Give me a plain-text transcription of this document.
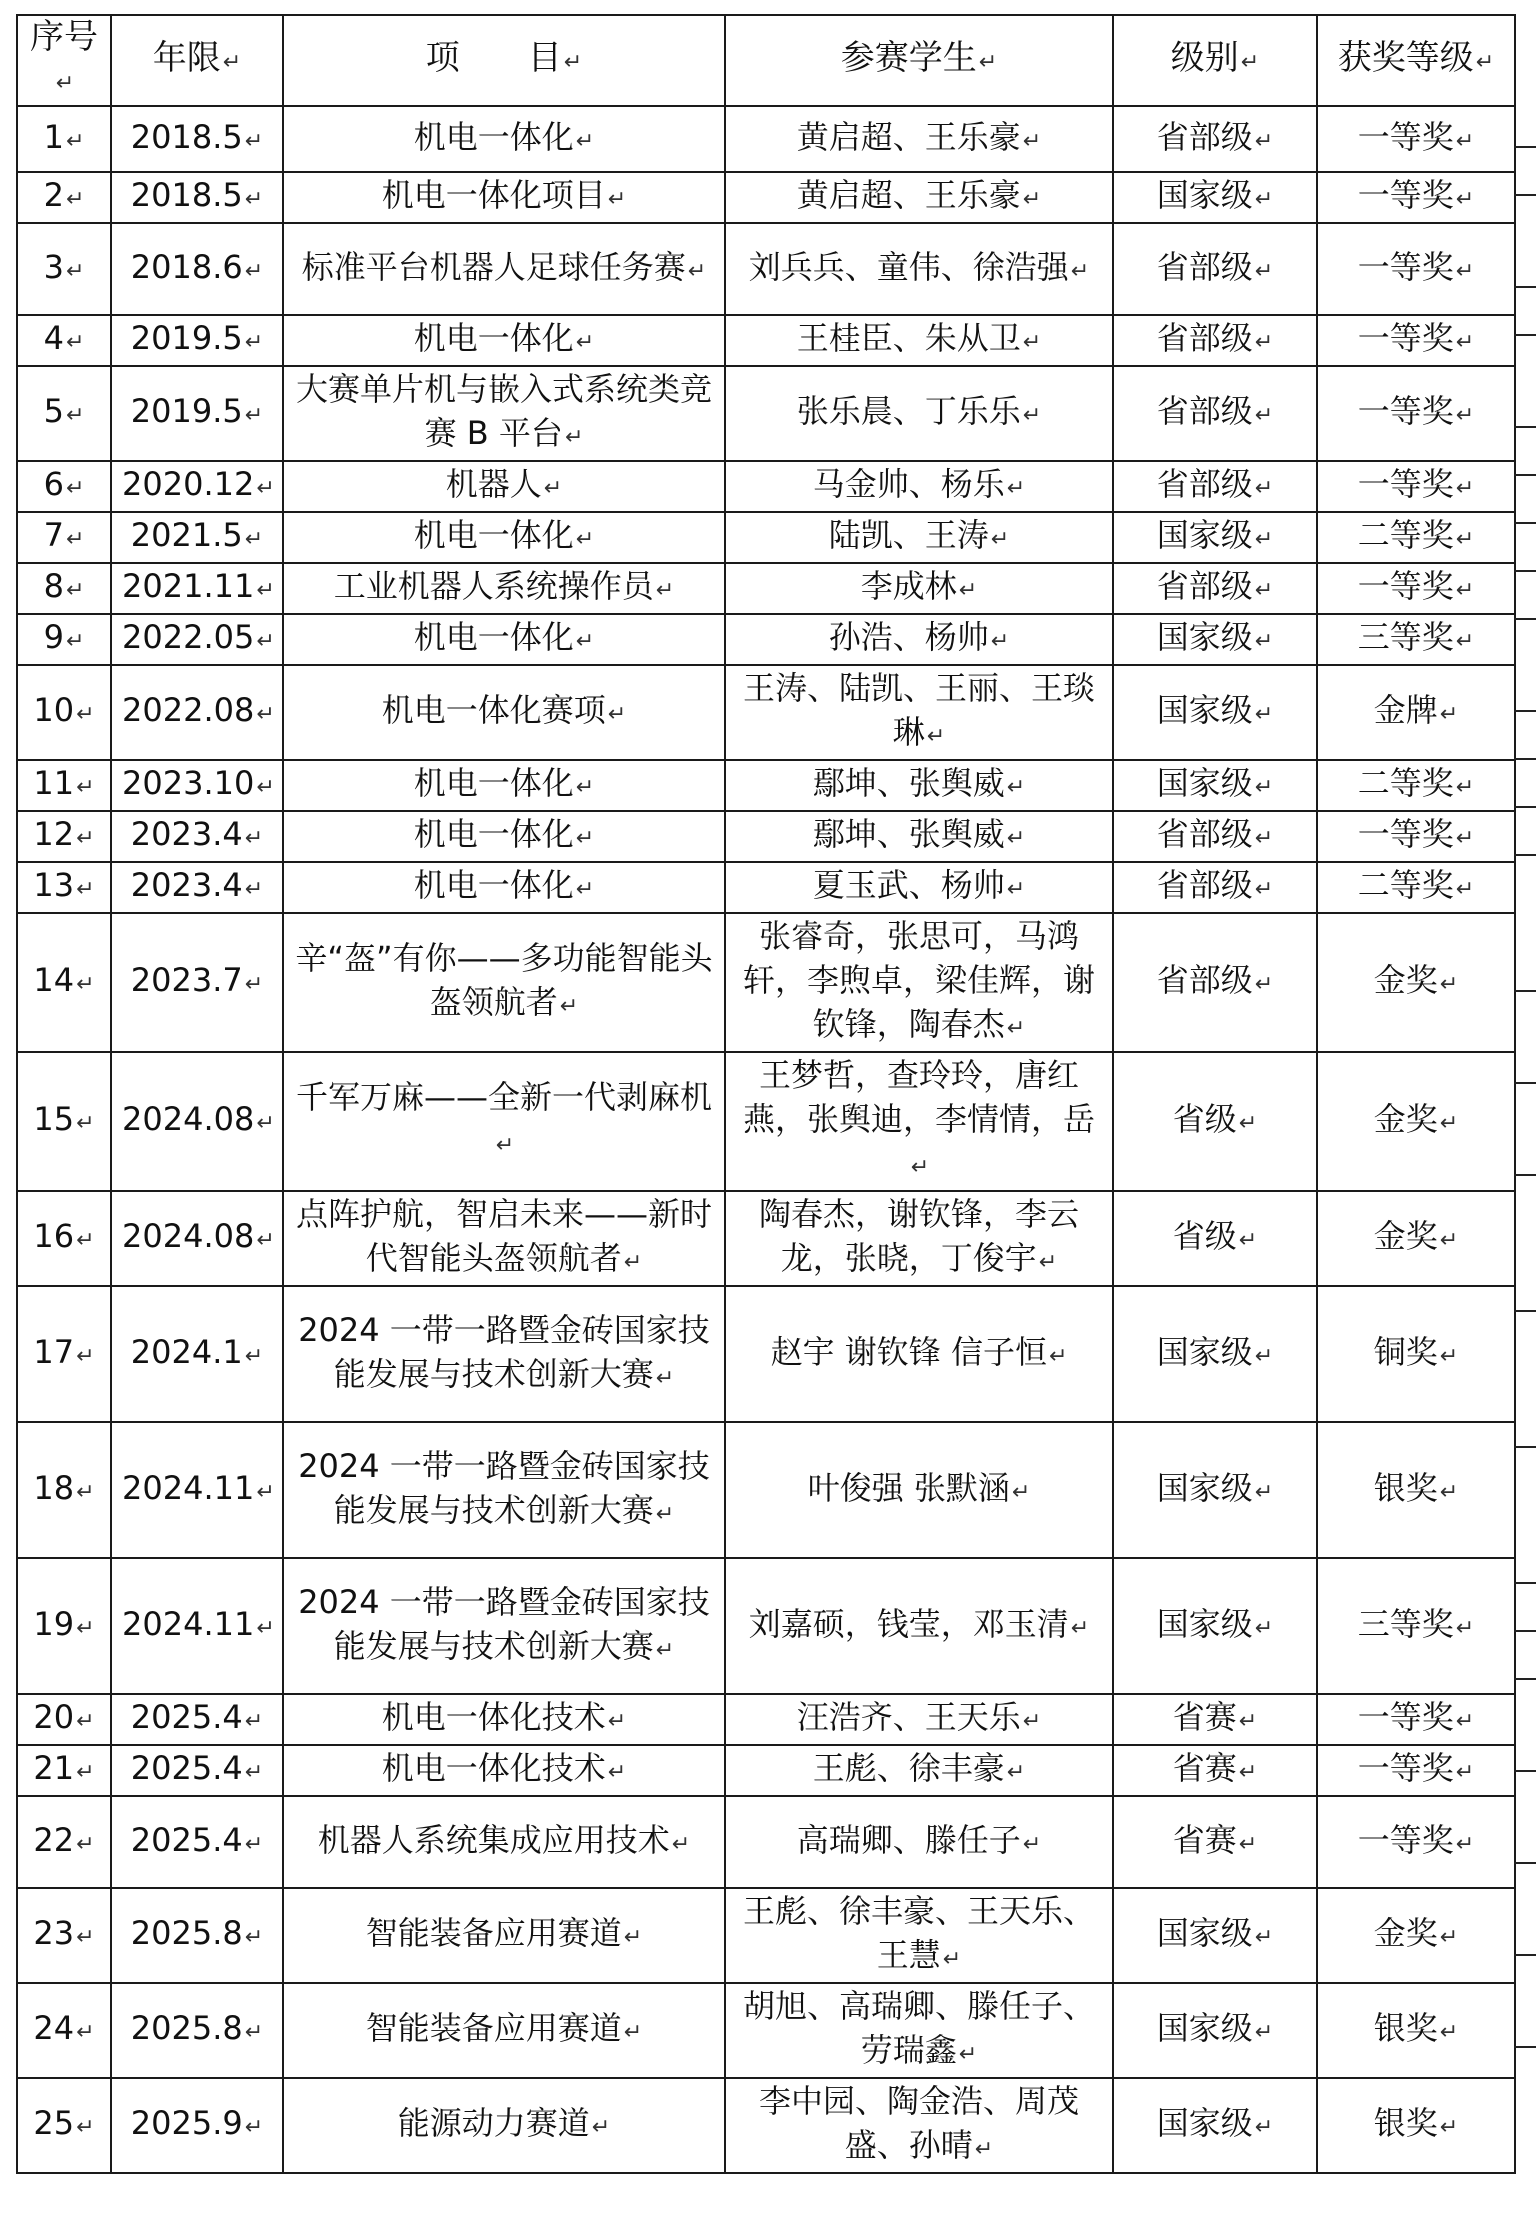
序号↵	年限↵	项　　目↵	参赛学生↵	级别↵	获奖等级↵
1↵	2018.5↵	机电一体化↵	黄启超、王乐豪↵	省部级↵	一等奖↵
2↵	2018.5↵	机电一体化项目↵	黄启超、王乐豪↵	国家级↵	一等奖↵
3↵	2018.6↵	标准平台机器人足球任务赛↵	刘兵兵、童伟、徐浩强↵	省部级↵	一等奖↵
4↵	2019.5↵	机电一体化↵	王桂臣、朱从卫↵	省部级↵	一等奖↵
5↵	2019.5↵	大赛单片机与嵌入式系统类竞赛 B 平台↵	张乐晨、丁乐乐↵	省部级↵	一等奖↵
6↵	2020.12↵	机器人↵	马金帅、杨乐↵	省部级↵	一等奖↵
7↵	2021.5↵	机电一体化↵	陆凯、王涛↵	国家级↵	二等奖↵
8↵	2021.11↵	工业机器人系统操作员↵	李成林↵	省部级↵	一等奖↵
9↵	2022.05↵	机电一体化↵	孙浩、杨帅↵	国家级↵	三等奖↵
10↵	2022.08↵	机电一体化赛项↵	王涛、陆凯、王丽、王琰琳↵	国家级↵	金牌↵
11↵	2023.10↵	机电一体化↵	鄢坤、张舆威↵	国家级↵	二等奖↵
12↵	2023.4↵	机电一体化↵	鄢坤、张舆威↵	省部级↵	一等奖↵
13↵	2023.4↵	机电一体化↵	夏玉武、杨帅↵	省部级↵	二等奖↵
14↵	2023.7↵	辛“盔”有你——多功能智能头盔领航者↵	张睿奇，张思可，马鸿轩，李煦卓，梁佳辉，谢钦锋，陶春杰↵	省部级↵	金奖↵
15↵	2024.08↵	千军万麻——全新一代剥麻机↵	王梦哲，查玲玲，唐红燕，张舆迪，李情情，岳↵	省级↵	金奖↵
16↵	2024.08↵	点阵护航，智启未来——新时代智能头盔领航者↵	陶春杰，谢钦锋，李云龙，张晓，丁俊宇↵	省级↵	金奖↵
17↵	2024.1↵	2024 一带一路暨金砖国家技能发展与技术创新大赛↵	赵宇 谢钦锋 信子恒↵	国家级↵	铜奖↵
18↵	2024.11↵	2024 一带一路暨金砖国家技能发展与技术创新大赛↵	叶俊强 张默涵↵	国家级↵	银奖↵
19↵	2024.11↵	2024 一带一路暨金砖国家技能发展与技术创新大赛↵	刘嘉硕，钱莹，邓玉清↵	国家级↵	三等奖↵
20↵	2025.4↵	机电一体化技术↵	汪浩齐、王天乐↵	省赛↵	一等奖↵
21↵	2025.4↵	机电一体化技术↵	王彪、徐丰豪↵	省赛↵	一等奖↵
22↵	2025.4↵	机器人系统集成应用技术↵	高瑞卿、滕任子↵	省赛↵	一等奖↵
23↵	2025.8↵	智能装备应用赛道↵	王彪、徐丰豪、王天乐、王慧↵	国家级↵	金奖↵
24↵	2025.8↵	智能装备应用赛道↵	胡旭、高瑞卿、滕任子、劳瑞鑫↵	国家级↵	银奖↵
25↵	2025.9↵	能源动力赛道↵	李中园、陶金浩、周茂盛、孙晴↵	国家级↵	银奖↵
